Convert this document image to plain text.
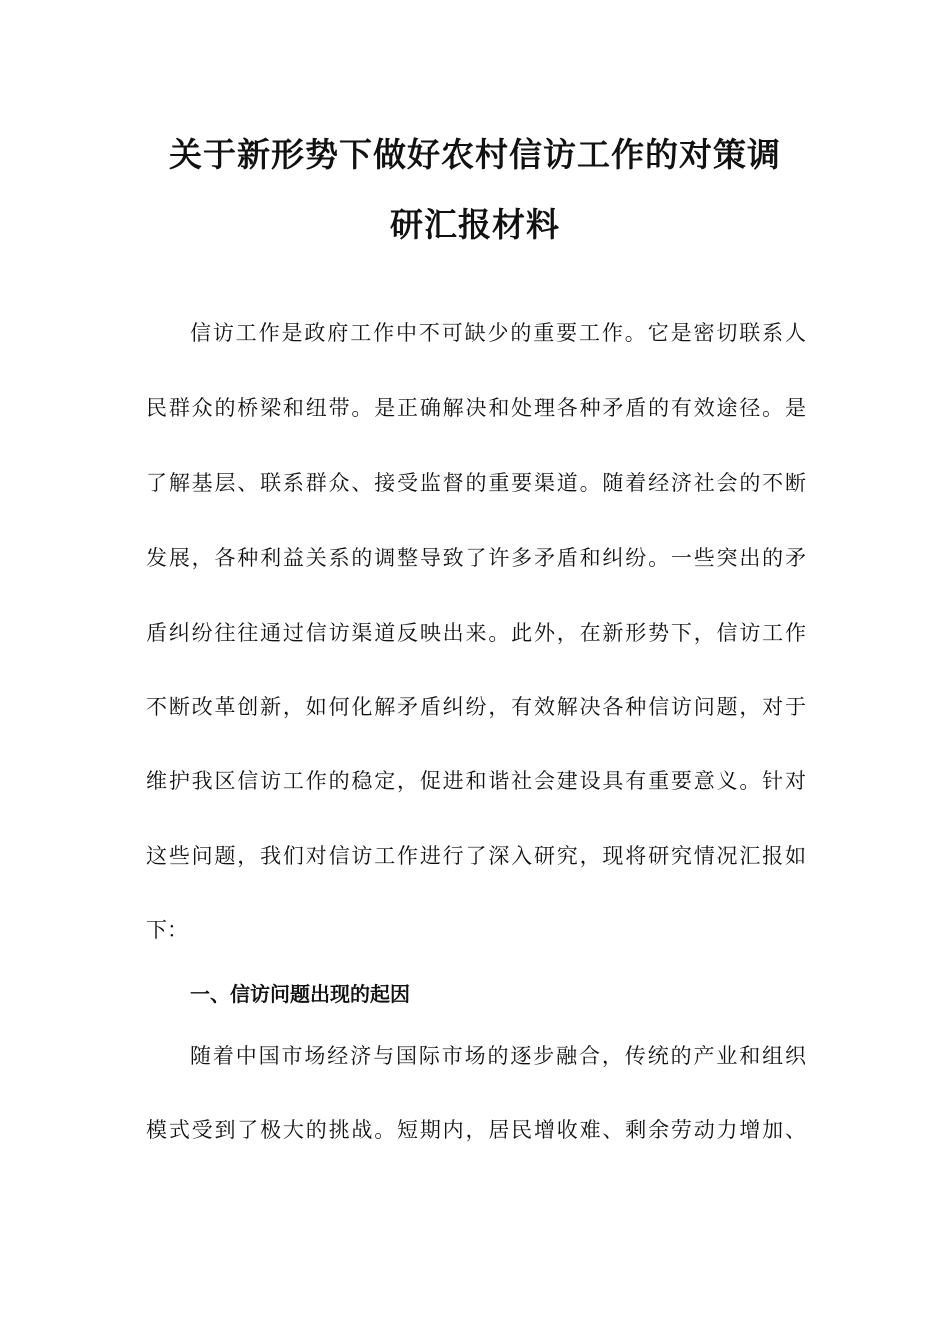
关于新形势下做好农村信访工作的对策调
研汇报材料
信访工作是政府工作中不可缺少的重要工作。它是密切联系人
民群众的桥梁和纽带。是正确解决和处理各种矛盾的有效途径。是
了解基层、联系群众、接受监督的重要渠道。随着经济社会的不断
发展，各种利益关系的调整导致了许多矛盾和纠纷。一些突出的矛
盾纠纷往往通过信访渠道反映出来。此外，在新形势下，信访工作
不断改革创新，如何化解矛盾纠纷，有效解决各种信访问题，对于
维护我区信访工作的稳定，促进和谐社会建设具有重要意义。针对
这些问题，我们对信访工作进行了深入研究，现将研究情况汇报如
下：
一、信访问题出现的起因
随着中国市场经济与国际市场的逐步融合，传统的产业和组织
模式受到了极大的挑战。短期内，居民增收难、剩余劳动力增加、
